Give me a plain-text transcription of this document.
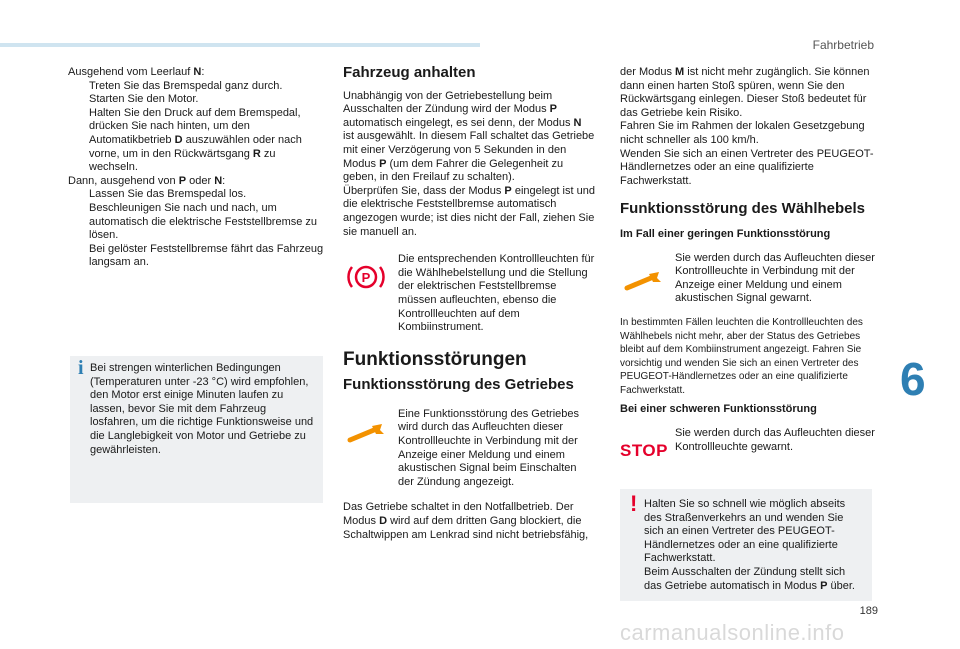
Fahrbetrieb
6
189

Ausgehend vom Leerlauf N:

Treten Sie das Bremspedal ganz durch.
Starten Sie den Motor.
Halten Sie den Druck auf dem Bremspedal, drücken Sie nach hinten, um den Automatikbetrieb D auszuwählen oder nach vorne, um in den Rückwärtsgang R zu wechseln.

Dann, ausgehend von P oder N:

Lassen Sie das Bremspedal los.
Beschleunigen Sie nach und nach, um automatisch die elektrische Feststellbremse zu lösen.
Bei gelöster Feststellbremse fährt das Fahrzeug langsam an.
i Bei strengen winterlichen Bedingungen (Temperaturen unter -23 °C) wird empfohlen, den Motor erst einige Minuten laufen zu lassen, bevor Sie mit dem Fahrzeug losfahren, um die richtige Funktionsweise und die Langlebigkeit von Motor und Getriebe zu gewährleisten.
Fahrzeug anhalten

Unabhängig von der Getriebestellung beim Ausschalten der Zündung wird der Modus P automatisch eingelegt, es sei denn, der Modus N ist ausgewählt. In diesem Fall schaltet das Getriebe mit einer Verzögerung von 5 Sekunden in den Modus P (um dem Fahrer die Gelegenheit zu geben, in den Freilauf zu schalten).

Überprüfen Sie, dass der Modus P eingelegt ist und die elektrische Feststellbremse automatisch angezogen wurde; ist dies nicht der Fall, ziehen Sie sie manuell an.

P
Die entsprechenden Kontrollleuchten für die Wählhebelstellung und die Stellung der elektrischen Feststellbremse müssen aufleuchten, ebenso die Kontrollleuchten auf dem Kombiinstrument.
Funktionsstörungen
Funktionsstörung des Getriebes
Eine Funktionsstörung des Getriebes wird durch das Aufleuchten dieser Kontrollleuchte in Verbindung mit der Anzeige einer Meldung und einem akustischen Signal beim Einschalten der Zündung angezeigt.

Das Getriebe schaltet in den Notfallbetrieb. Der Modus D wird auf dem dritten Gang blockiert, die Schaltwippen am Lenkrad sind nicht betriebsfähig,

der Modus M ist nicht mehr zugänglich. Sie können dann einen harten Stoß spüren, wenn Sie den Rückwärtsgang einlegen. Dieser Stoß bedeutet für das Getriebe kein Risiko.

Fahren Sie im Rahmen der lokalen Gesetzgebung nicht schneller als 100 km/h.

Wenden Sie sich an einen Vertreter des PEUGEOT-Händlernetzes oder an eine qualifizierte Fachwerkstatt.

Funktionsstörung des Wählhebels
Im Fall einer geringen Funktionsstörung
Sie werden durch das Aufleuchten dieser Kontrollleuchte in Verbindung mit der Anzeige einer Meldung und einem akustischen Signal gewarnt.

In bestimmten Fällen leuchten die Kontrollleuchten des Wählhebels nicht mehr, aber der Status des Getriebes bleibt auf dem Kombiinstrument angezeigt. Fahren Sie vorsichtig und wenden Sie sich an einen Vertreter des PEUGEOT-Händlernetzes oder an eine qualifizierte Fachwerkstatt.

Bei einer schweren Funktionsstörung
STOP
Sie werden durch das Aufleuchten dieser Kontrollleuchte gewarnt.
! Halten Sie so schnell wie möglich abseits des Straßenverkehrs an und wenden Sie sich an einen Vertreter des PEUGEOT-Händlernetzes oder an eine qualifizierte Fachwerkstatt.
Beim Ausschalten der Zündung stellt sich das Getriebe automatisch in Modus P über.
carmanualsonline.info
